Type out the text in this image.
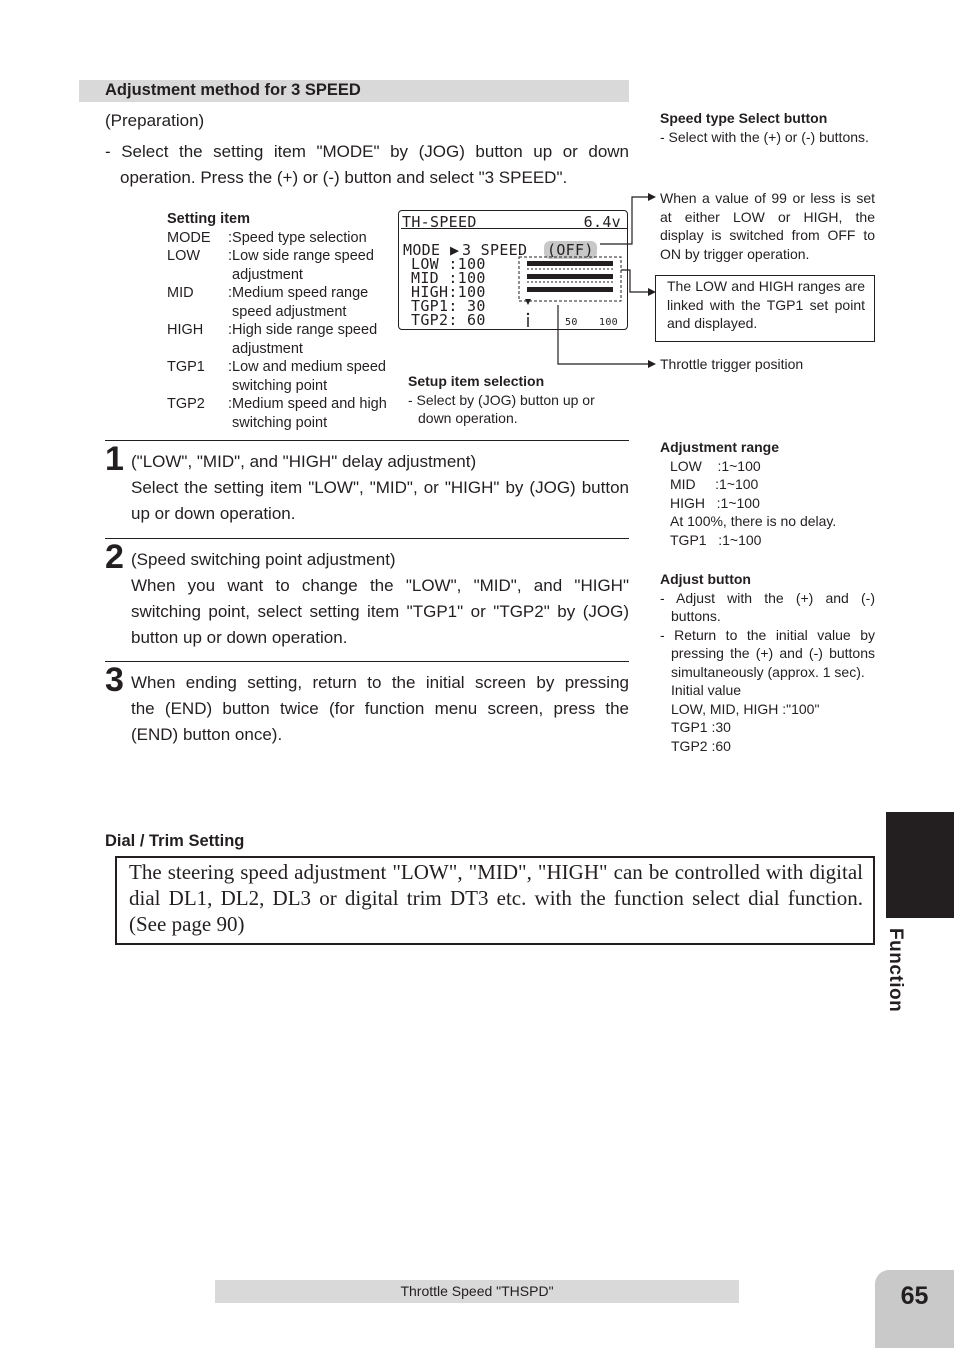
Adjustment method for 3 SPEED
(Preparation)
- Select the setting item "MODE" by (JOG) button up or down operation. Press the (+) or (-) button and select "3 SPEED".
Setting item
MODE	:Speed type selection
LOW	:Low side range speed
adjustment
MID	:Medium speed range
speed adjustment
HIGH	:High side range speed
adjustment
TGP1	:Low and medium speed
switching point
TGP2	:Medium speed and high
switching point
TH-SPEED	6.4v
MODE ▶ 3 SPEED (OFF)
LOW :100
MID :100
HIGH:100
TGP1: 30
TGP2: 60	50 100
Setup item selection
- Select by (JOG) button up or down operation.
Speed type Select button
- Select with the (+) or (-) buttons.
When a value of 99 or less is set at either LOW or HIGH, the display is switched from OFF to ON by trigger operation.
The LOW and HIGH ranges are linked with the TGP1 set point and displayed.
Throttle trigger position
Adjustment range
LOW    :1~100
MID     :1~100
HIGH   :1~100
At 100%, there is no delay.
TGP1   :1~100
Adjust button
- Adjust with the (+) and (-) buttons.
- Return to the initial value by pressing the (+) and (-) buttons simultaneously (approx. 1 sec).
Initial value
LOW, MID, HIGH :"100"
TGP1 :30
TGP2 :60
1 ("LOW", "MID", and "HIGH" delay adjustment)
Select the setting item "LOW", "MID", or "HIGH" by (JOG) button up or down operation.
2 (Speed switching point adjustment)
When you want to change the "LOW", "MID", and "HIGH" switching point, select setting item "TGP1" or "TGP2" by (JOG) button up or down operation.
3 When ending setting, return to the initial screen by pressing
the (END) button twice (for function menu screen, press the (END) button once).
Dial / Trim Setting
The steering speed adjustment "LOW", "MID", "HIGH" can be controlled with digital dial DL1, DL2, DL3 or digital trim DT3 etc. with the function select dial function. (See page 90)
Function
Throttle Speed "THSPD"	65
